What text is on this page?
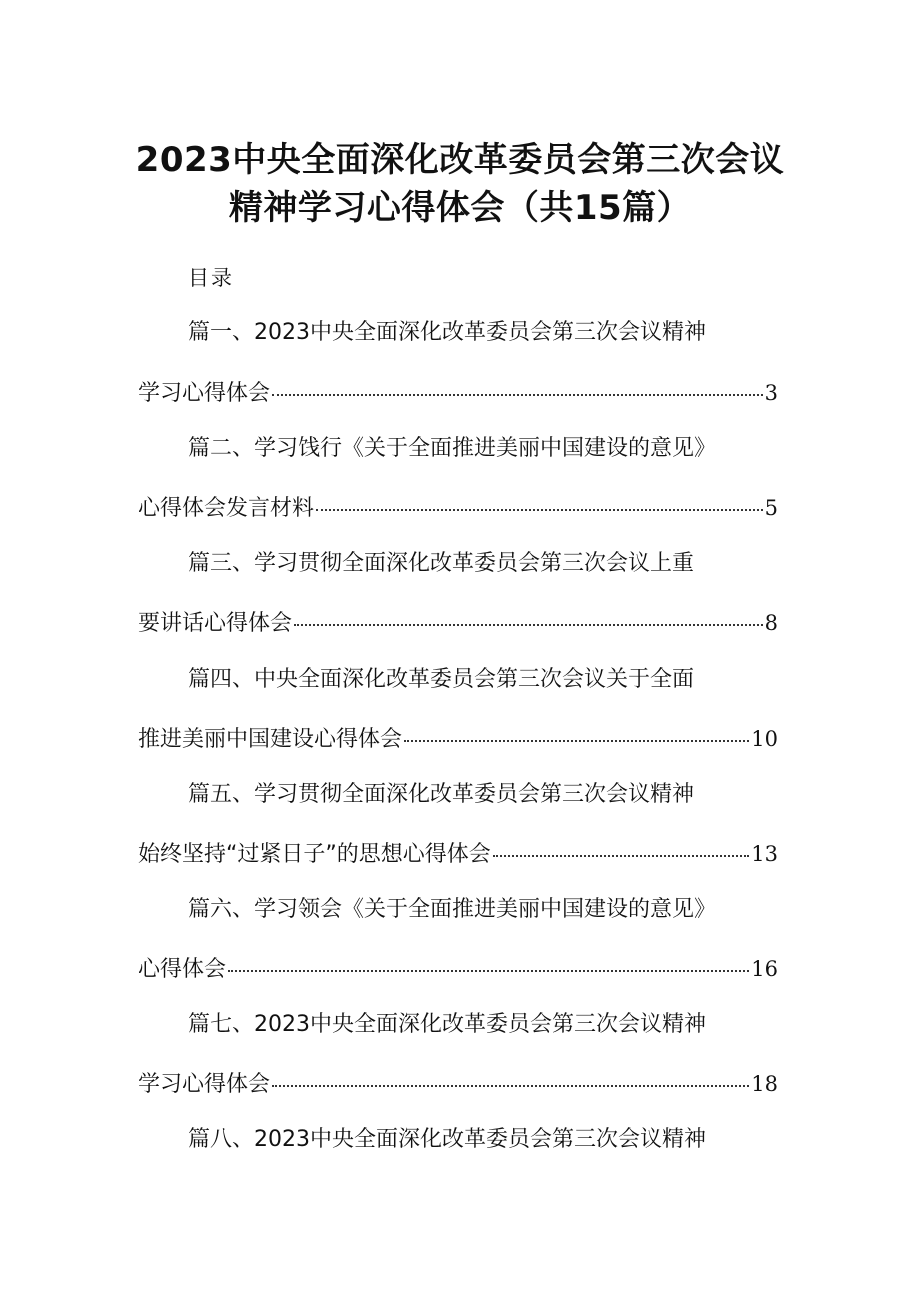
2023中央全面深化改革委员会第三次会议
精神学习心得体会（共15篇）
目录
篇一、2023中央全面深化改革委员会第三次会议精神
学习心得体会	3
篇二、学习饯行《关于全面推进美丽中国建设的意见》
心得体会发言材料	5
篇三、学习贯彻全面深化改革委员会第三次会议上重
要讲话心得体会	8
篇四、中央全面深化改革委员会第三次会议关于全面
推进美丽中国建设心得体会	10
篇五、学习贯彻全面深化改革委员会第三次会议精神
始终坚持“过紧日子”的思想心得体会	13
篇六、学习领会《关于全面推进美丽中国建设的意见》
心得体会	16
篇七、2023中央全面深化改革委员会第三次会议精神
学习心得体会	18
篇八、2023中央全面深化改革委员会第三次会议精神
